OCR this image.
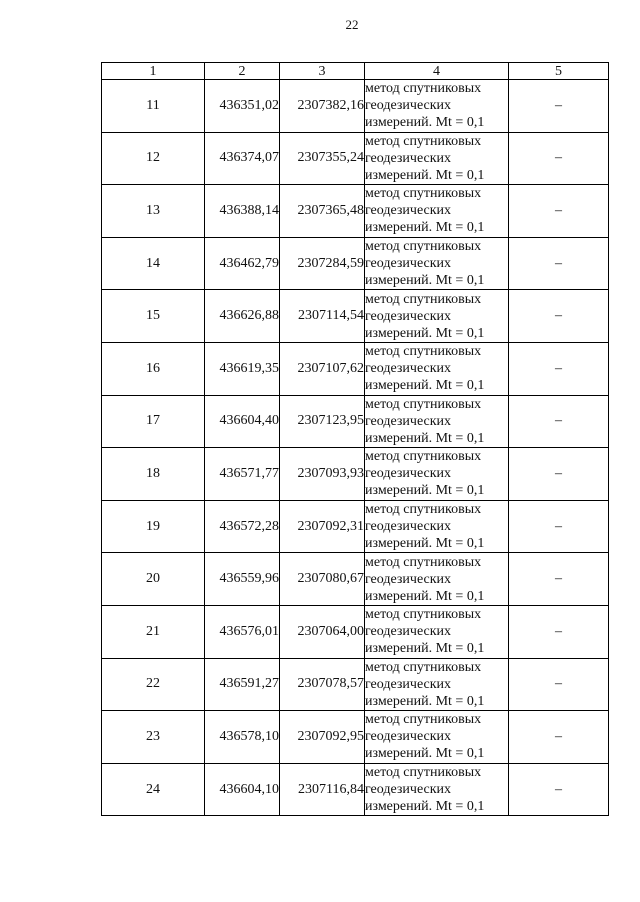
22
1	2	3	4	5
11	436351,02	2307382,16	метод спутниковых геодезических измерений. Mt = 0,1	–
12	436374,07	2307355,24	метод спутниковых геодезических измерений. Mt = 0,1	–
13	436388,14	2307365,48	метод спутниковых геодезических измерений. Mt = 0,1	–
14	436462,79	2307284,59	метод спутниковых геодезических измерений. Mt = 0,1	–
15	436626,88	2307114,54	метод спутниковых геодезических измерений. Mt = 0,1	–
16	436619,35	2307107,62	метод спутниковых геодезических измерений. Mt = 0,1	–
17	436604,40	2307123,95	метод спутниковых геодезических измерений. Mt = 0,1	–
18	436571,77	2307093,93	метод спутниковых геодезических измерений. Mt = 0,1	–
19	436572,28	2307092,31	метод спутниковых геодезических измерений. Mt = 0,1	–
20	436559,96	2307080,67	метод спутниковых геодезических измерений. Mt = 0,1	–
21	436576,01	2307064,00	метод спутниковых геодезических измерений. Mt = 0,1	–
22	436591,27	2307078,57	метод спутниковых геодезических измерений. Mt = 0,1	–
23	436578,10	2307092,95	метод спутниковых геодезических измерений. Mt = 0,1	–
24	436604,10	2307116,84	метод спутниковых геодезических измерений. Mt = 0,1	–
